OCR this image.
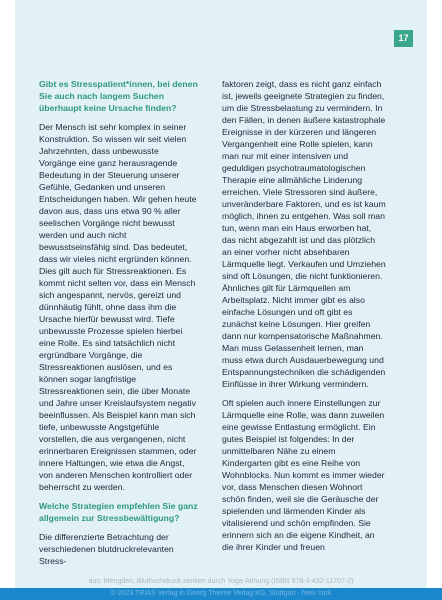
17
Gibt es Stresspatient*innen, bei denen Sie auch nach langem Suchen überhaupt keine Ursache finden?
Der Mensch ist sehr komplex in seiner Konstruktion. So wissen wir seit vielen Jahrzehnten, dass unbewusste Vorgänge eine ganz herausragende Bedeutung in der Steuerung unserer Gefühle, Gedanken und unseren Entscheidungen haben. Wir gehen heute davon aus, dass uns etwa 90 % aller seelischen Vorgänge nicht bewusst werden und auch nicht bewusstseinsfähig sind. Das bedeutet, dass wir vieles nicht ergründen können. Dies gilt auch für Stressreaktionen. Es kommt nicht selten vor, dass ein Mensch sich angespannt, nervös, gereizt und dünnhäutig fühlt, ohne dass ihm die Ursache hierfür bewusst wird. Tiefe unbewusste Prozesse spielen hierbei eine Rolle. Es sind tatsächlich nicht ergründbare Vorgänge, die Stressreaktionen auslösen, und es können sogar langfristige Stressreaktionen sein, die über Monate und Jahre unser Kreislaufsystem negativ beeinflussen. Als Beispiel kann man sich tiefe, unbewusste Angstgefühle vorstellen, die aus vergangenen, nicht erinnerbaren Ereignissen stammen, oder innere Haltungen, wie etwa die Angst, von anderen Menschen kontrolliert oder beherrscht zu werden.
Welche Strategien empfehlen Sie ganz allgemein zur Stressbewältigung?
Die differenzierte Betrachtung der verschiedenen blutdruckrelevanten Stress-
faktoren zeigt, dass es nicht ganz einfach ist, jeweils geeignete Strategien zu finden, um die Stressbelastung zu vermindern. In den Fällen, in denen äußere katastrophale Ereignisse in der kürzeren und längeren Vergangenheit eine Rolle spielen, kann man nur mit einer intensiven und geduldigen psychotraumatologischen Therapie eine allmähliche Linderung erreichen. Viele Stressoren sind äußere, unveränderbare Faktoren, und es ist kaum möglich, ihnen zu entgehen. Was soll man tun, wenn man ein Haus erworben hat, das nicht abgezahlt ist und das plötzlich an einer vorher nicht absehbaren Lärmquelle liegt. Verkaufen und Umziehen sind oft Lösungen, die nicht funktionieren. Ähnliches gilt für Lärmquellen am Arbeitsplatz. Nicht immer gibt es also einfache Lösungen und oft gibt es zunächst keine Lösungen. Hier greifen dann nur kompensatorische Maßnahmen. Man muss Gelassenheit lernen, man muss etwa durch Ausdauerbewegung und Entspannungstechniken die schädigenden Einflüsse in ihrer Wirkung vermindern.
Oft spielen auch innere Einstellungen zur Lärmquelle eine Rolle, was dann zuweilen eine gewisse Entlastung ermöglicht. Ein gutes Beispiel ist folgendes: In der unmittelbaren Nähe zu einem Kindergarten gibt es eine Reihe von Wohnblocks. Nun kommt es immer wieder vor, dass Menschen diesen Wohnort schön finden, weil sie die Geräusche der spielenden und lärmenden Kinder als vitalisierend und schön empfinden. Sie erinnern sich an die eigene Kindheit, an die ihrer Kinder und freuen
aus: Mengden, Bluthochdruck senken durch Yoga-Atmung (ISBN 978-3-432-11707-2)
© 2023 TRIAS Verlag in Georg Thieme Verlag KG, Stuttgart · New York
